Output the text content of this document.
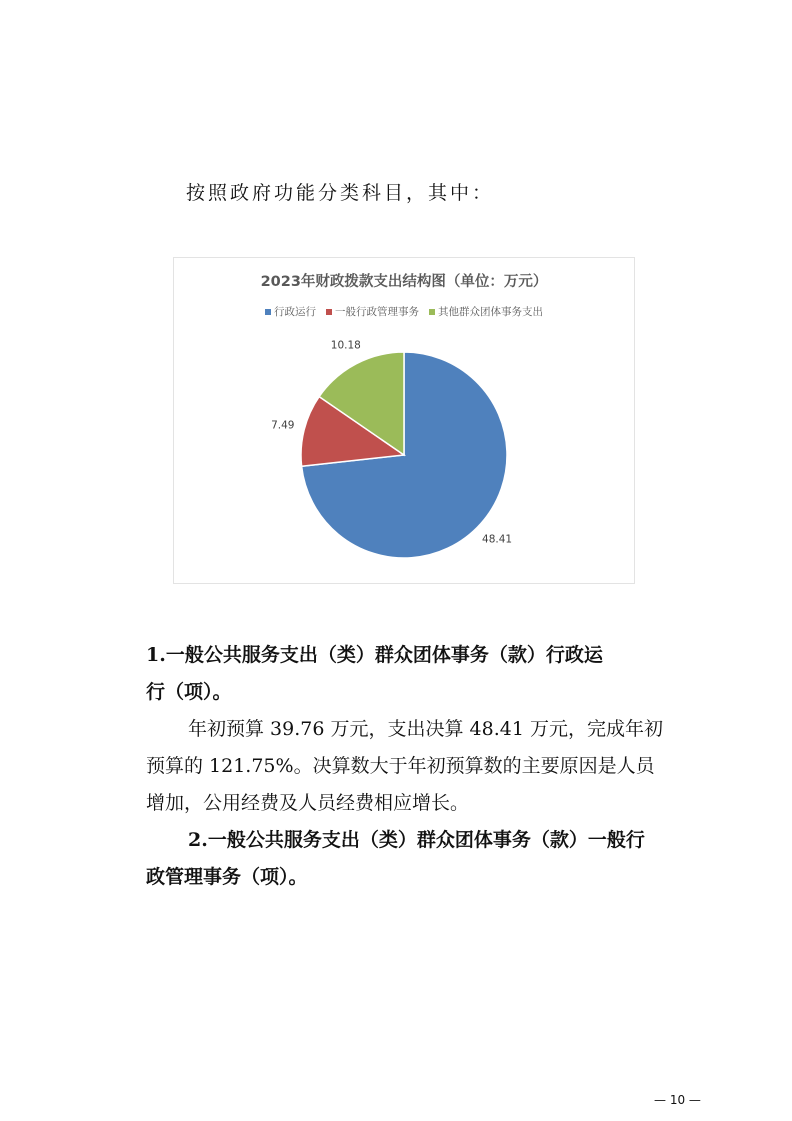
按照政府功能分类科目，其中：
2023年财政拨款支出结构图（单位：万元）
行政运行 一般行政管理事务 其他群众团体事务支出
48.41
7.49
10.18
1.一般公共服务支出（类）群众团体事务（款）行政运
行（项）。
年初预算 39.76 万元，支出决算 48.41 万元，完成年初
预算的 121.75%。决算数大于年初预算数的主要原因是人员
增加，公用经费及人员经费相应增长。
2.一般公共服务支出（类）群众团体事务（款）一般行
政管理事务（项）。
— 10 —
